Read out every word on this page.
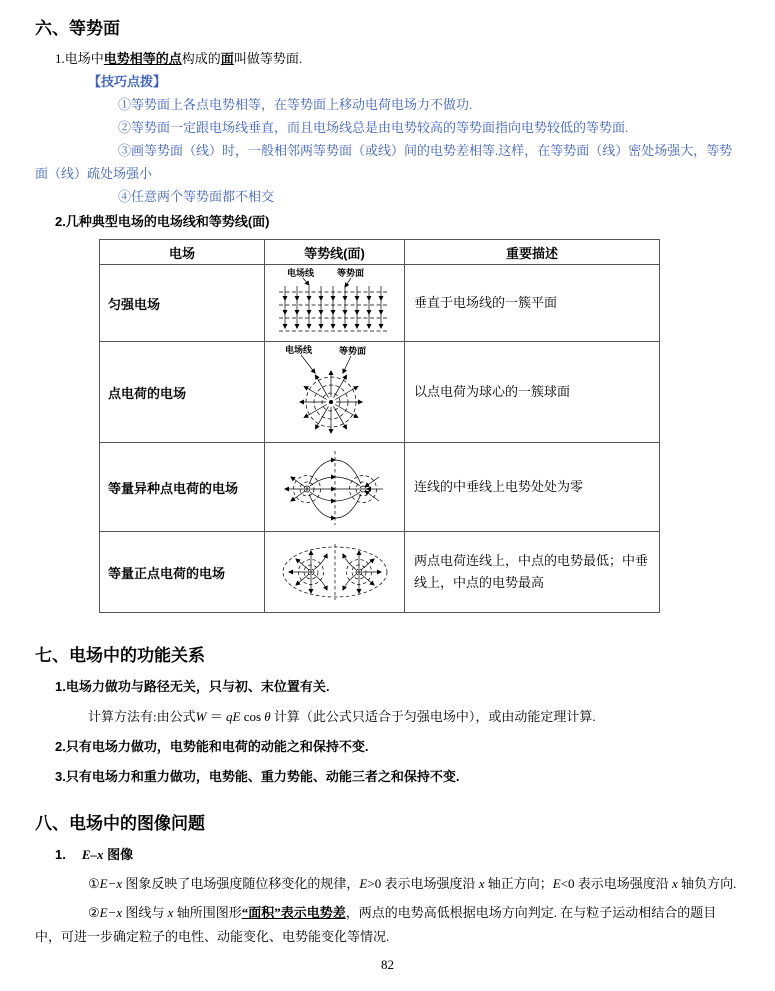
六、等势面

1.电场中电势相等的点构成的面叫做等势面.

【技巧点拨】

①等势面上各点电势相等，在等势面上移动电荷电场力不做功.

②等势面一定跟电场线垂直，而且电场线总是由电势较高的等势面指向电势较低的等势面.

③画等势面（线）时，一般相邻两等势面（或线）间的电势差相等.这样，在等势面（线）密处场强大，等势面（线）疏处场强小

④任意两个等势面都不相交

2.几种典型电场的电场线和等势线(面)

电场	等势线(面)	重要描述
匀强电场	电场线 等势面	垂直于电场线的一簇平面
点电荷的电场	电场线 等势面	以点电荷为球心的一簇球面
等量异种点电荷的电场		连线的中垂线上电势处处为零
等量正点电荷的电场		两点电荷连线上，中点的电势最低；中垂线上，中点的电势最高
七、电场中的功能关系

1.电场力做功与路径无关，只与初、末位置有关.

计算方法有:由公式W ＝ qE cos θ 计算（此公式只适合于匀强电场中），或由动能定理计算.

2.只有电场力做功，电势能和电荷的动能之和保持不变.

3.只有电场力和重力做功，电势能、重力势能、动能三者之和保持不变.

八、电场中的图像问题

1. E–x 图像

①E−x 图象反映了电场强度随位移变化的规律，E>0 表示电场强度沿 x 轴正方向；E<0 表示电场强度沿 x 轴负方向.

②E−x 图线与 x 轴所围图形“面积”表示电势差，两点的电势高低根据电场方向判定. 在与粒子运动相结合的题目中，可进一步确定粒子的电性、动能变化、电势能变化等情况.

82
